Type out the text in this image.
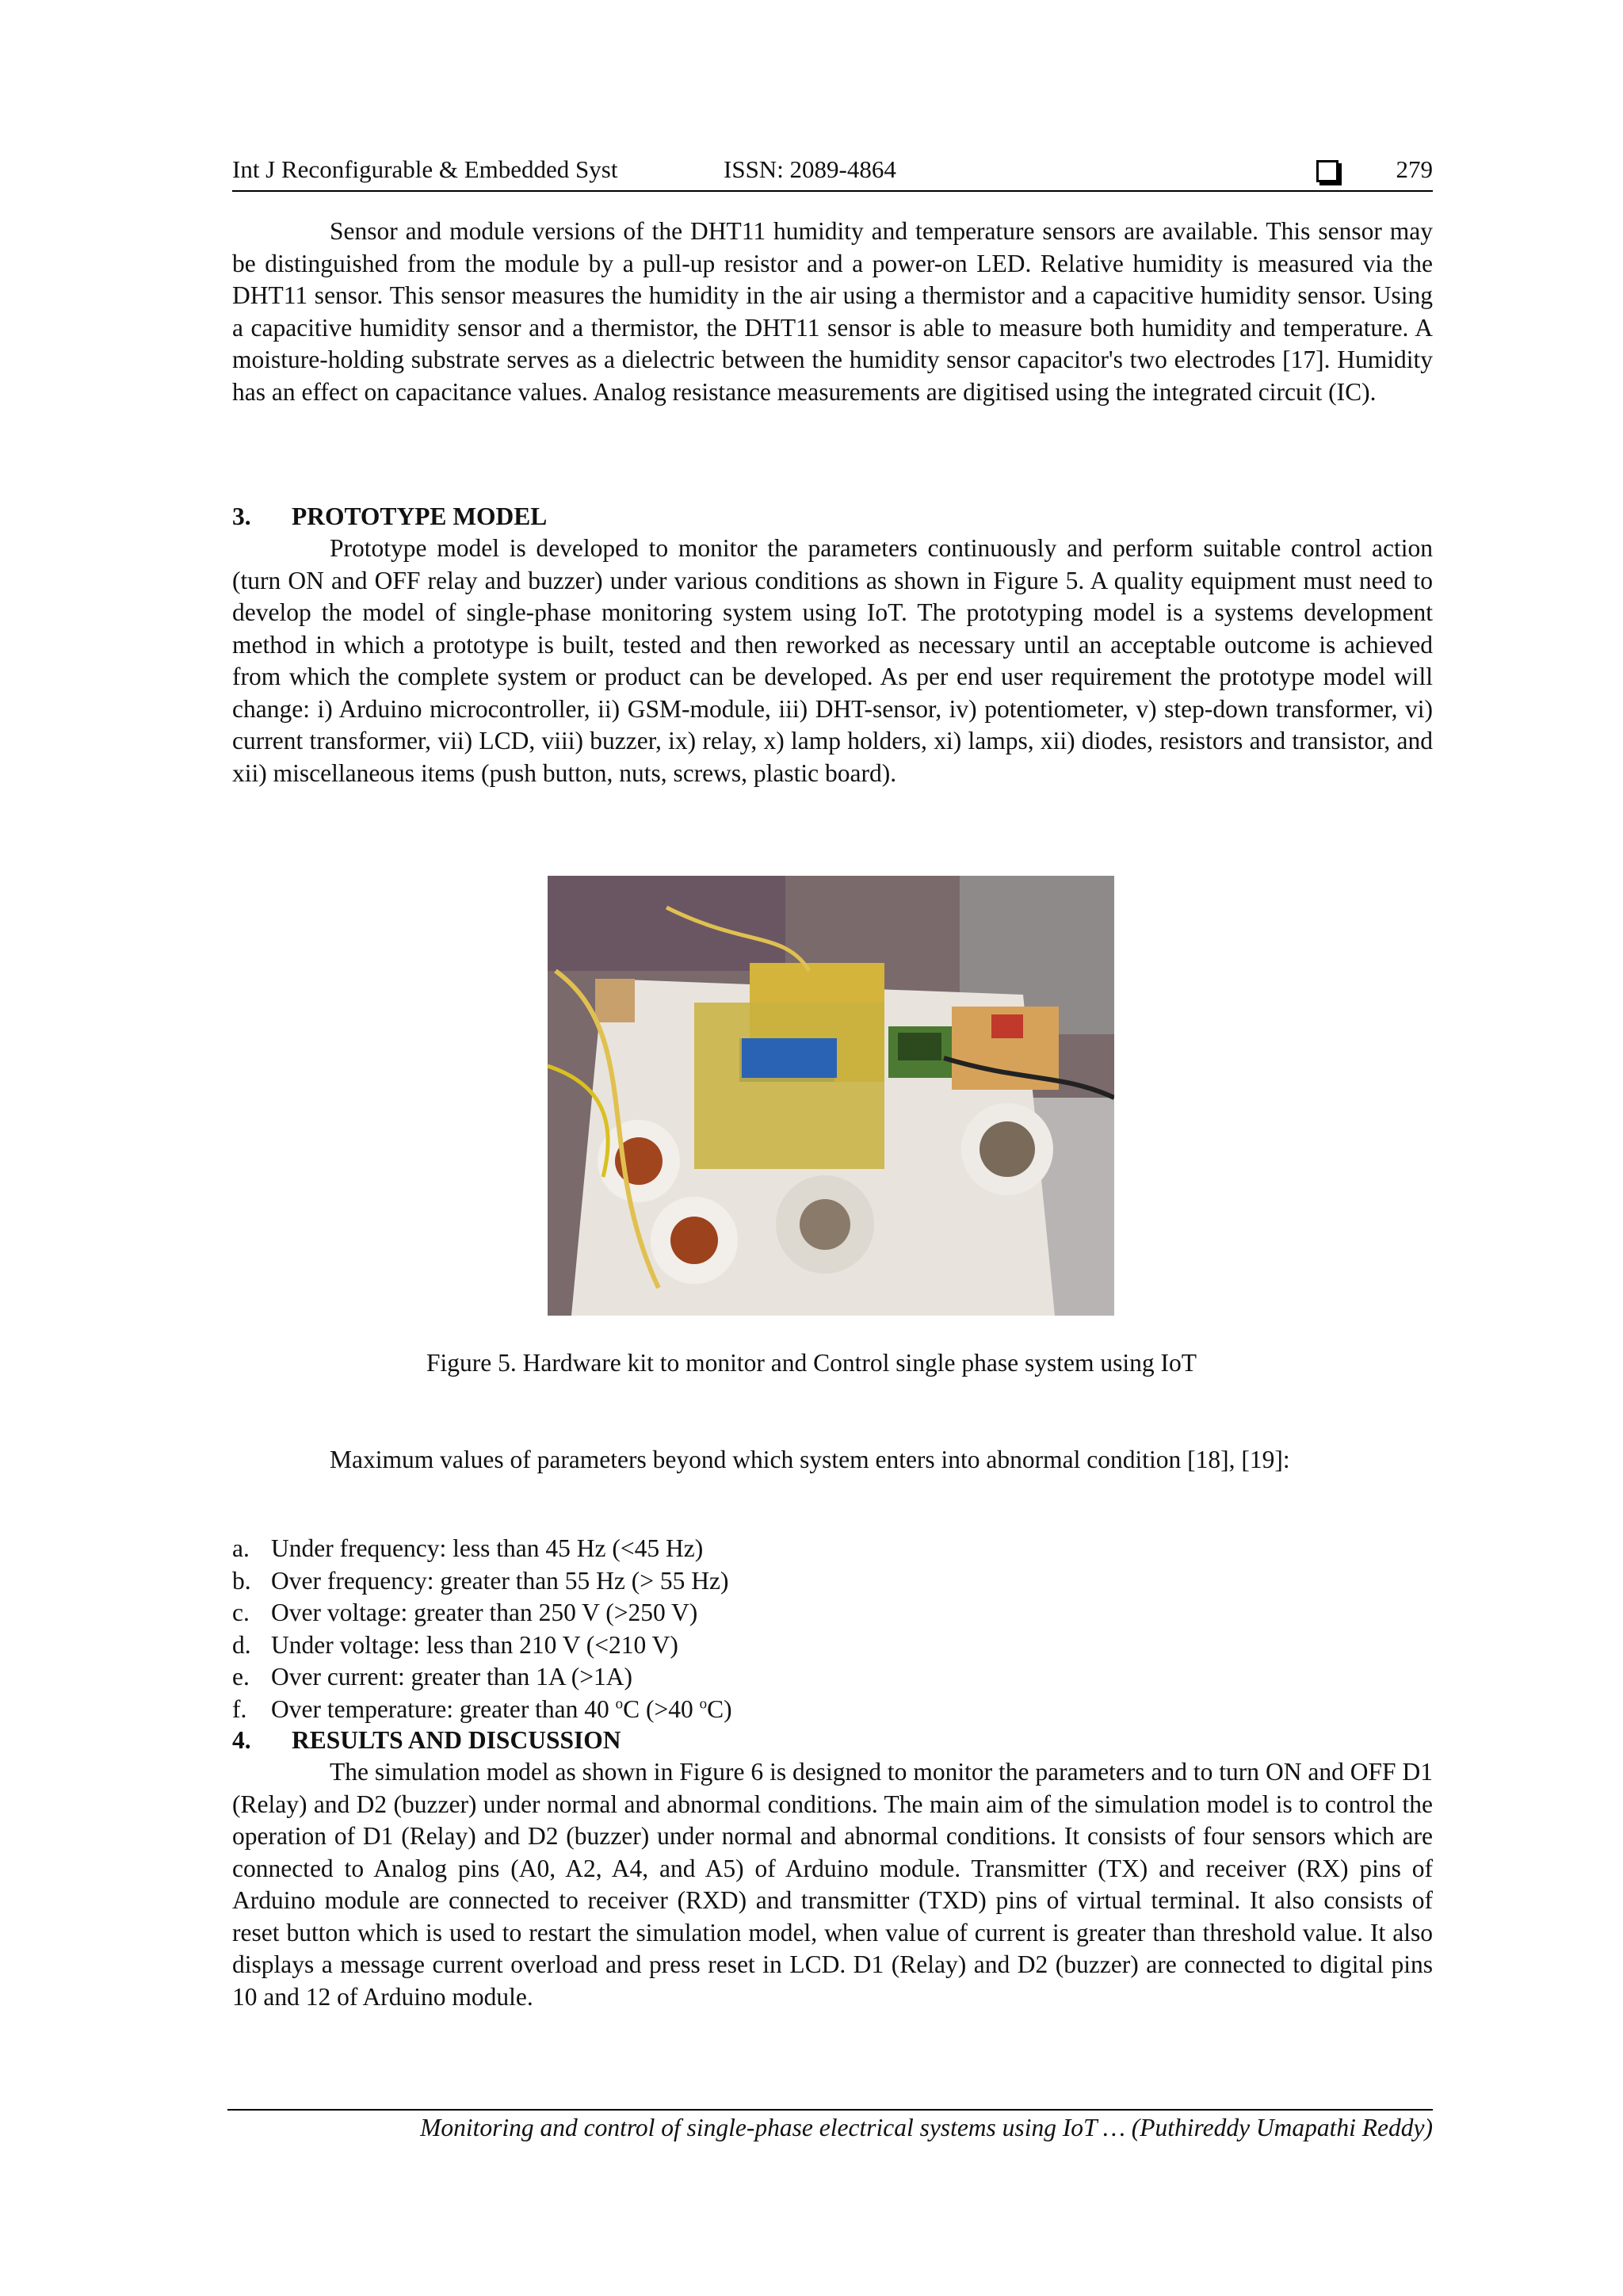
Int J Reconfigurable & Embedded Syst	ISSN: 2089-4864	279

Sensor and module versions of the DHT11 humidity and temperature sensors are available. This sensor may be distinguished from the module by a pull-up resistor and a power-on LED. Relative humidity is measured via the DHT11 sensor. This sensor measures the humidity in the air using a thermistor and a capacitive humidity sensor. Using a capacitive humidity sensor and a thermistor, the DHT11 sensor is able to measure both humidity and temperature. A moisture-holding substrate serves as a dielectric between the humidity sensor capacitor's two electrodes [17]. Humidity has an effect on capacitance values. Analog resistance measurements are digitised using the integrated circuit (IC).

3. PROTOTYPE MODEL

Prototype model is developed to monitor the parameters continuously and perform suitable control action (turn ON and OFF relay and buzzer) under various conditions as shown in Figure 5. A quality equipment must need to develop the model of single-phase monitoring system using IoT. The prototyping model is a systems development method in which a prototype is built, tested and then reworked as necessary until an acceptable outcome is achieved from which the complete system or product can be developed. As per end user requirement the prototype model will change: i) Arduino microcontroller, ii) GSM-module, iii) DHT-sensor, iv) potentiometer, v) step-down transformer, vi) current transformer, vii) LCD, viii) buzzer, ix) relay, x) lamp holders, xi) lamps, xii) diodes, resistors and transistor, and xii) miscellaneous items (push button, nuts, screws, plastic board).

Figure 5. Hardware kit to monitor and Control single phase system using IoT

Maximum values of parameters beyond which system enters into abnormal condition [18], [19]:

a. Under frequency: less than 45 Hz (<45 Hz)
b. Over frequency: greater than 55 Hz (> 55 Hz)
c. Over voltage: greater than 250 V (>250 V)
d. Under voltage: less than 210 V (<210 V)
e. Over current: greater than 1A (>1A)
f. Over temperature: greater than 40 $^o$C (>40 $^o$C)
4. RESULTS AND DISCUSSION

The simulation model as shown in Figure 6 is designed to monitor the parameters and to turn ON and OFF D1 (Relay) and D2 (buzzer) under normal and abnormal conditions. The main aim of the simulation model is to control the operation of D1 (Relay) and D2 (buzzer) under normal and abnormal conditions. It consists of four sensors which are connected to Analog pins (A0, A2, A4, and A5) of Arduino module. Transmitter (TX) and receiver (RX) pins of Arduino module are connected to receiver (RXD) and transmitter (TXD) pins of virtual terminal. It also consists of reset button which is used to restart the simulation model, when value of current is greater than threshold value. It also displays a message current overload and press reset in LCD. D1 (Relay) and D2 (buzzer) are connected to digital pins 10 and 12 of Arduino module.

Monitoring and control of single-phase electrical systems using IoT … (Puthireddy Umapathi Reddy)
